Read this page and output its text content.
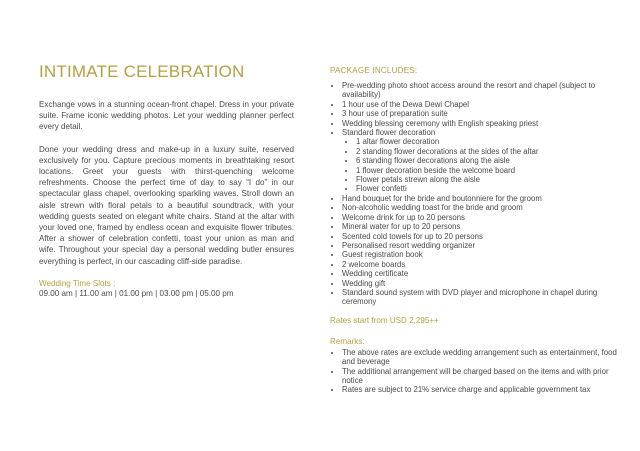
INTIMATE CELEBRATION

Exchange vows in a stunning ocean-front chapel. Dress in your private suite. Frame iconic wedding photos. Let your wedding planner perfect every detail.

Done your wedding dress and make-up in a luxury suite, reserved exclusively for you. Capture precious moments in breathtaking resort locations. Greet your guests with thirst-quenching welcome refreshments. Choose the perfect time of day to say “I do” in our spectacular glass chapel, overlooking sparkling waves. Stroll down an aisle strewn with floral petals to a beautiful soundtrack, with your wedding guests seated on elegant white chairs. Stand at the altar with your loved one, framed by endless ocean and exquisite flower tributes. After a shower of celebration confetti, toast your union as man and wife. Throughout your special day a personal wedding butler ensures everything is perfect, in our cascading cliff-side paradise.

Wedding Time Slots :
09.00 am | 11.00 am | 01.00 pm | 03.00 pm | 05.00 pm
PACKAGE INCLUDES:
• Pre-wedding photo shoot access around the resort and chapel (subject to availability)
• 1 hour use of the Dewa Dewi Chapel
• 3 hour use of preparation suite
• Wedding blessing ceremony with English speaking priest
• Standard flower decoration
• 1 altar flower decoration
• 2 standing flower decorations at the sides of the altar
• 6 standing flower decorations along the aisle
• 1 flower decoration beside the welcome board
• Flower petals strewn along the aisle
• Flower confetti
• Hand bouquet for the bride and boutonniere for the groom
• Non-alcoholic wedding toast for the bride and groom
• Welcome drink for up to 20 persons
• Mineral water for up to 20 persons
• Scented cold towels for up to 20 persons
• Personalised resort wedding organizer
• Guest registration book
• 2 welcome boards
• Wedding certificate
• Wedding gift
• Standard sound system with DVD player and microphone in chapel during ceremony
Rates start from USD 2,295++
Remarks:
• The above rates are exclude wedding arrangement such as entertainment, food and beverage
• The additional arrangement will be charged based on the items and with prior notice
• Rates are subject to 21% service charge and applicable government tax
